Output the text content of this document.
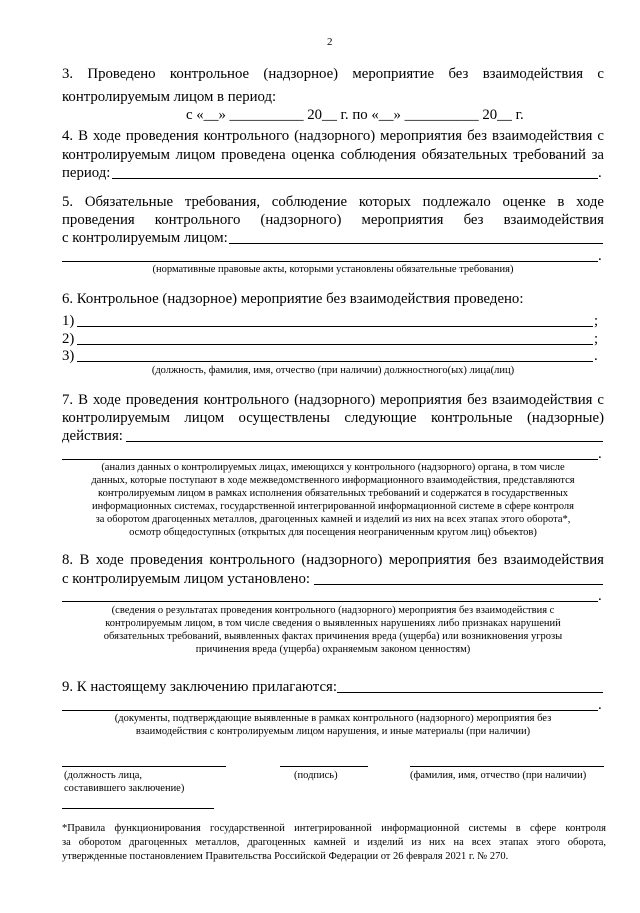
2
3. Проведено контрольное (надзорное) мероприятие без взаимодействия с
контролируемым лицом в период:
с «__» __________ 20__ г. по «__» __________ 20__ г.
4. В ходе проведения контрольного (надзорного) мероприятия без взаимодействия с
контролируемым лицом проведена оценка соблюдения обязательных требований за
период:	.
5. Обязательные требования, соблюдение которых подлежало оценке в ходе
проведения контрольного (надзорного) мероприятия без взаимодействия
с контролируемым лицом:
.
(нормативные правовые акты, которыми установлены обязательные требования)
6. Контрольное (надзорное) мероприятие без взаимодействия проведено:
1)	;
2)	;
3)	.
(должность, фамилия, имя, отчество (при наличии) должностного(ых) лица(лиц)
7. В ходе проведения контрольного (надзорного) мероприятия без взаимодействия с
контролируемым лицом осуществлены следующие контрольные (надзорные)
действия:
.
(анализ данных о контролируемых лицах, имеющихся у контрольного (надзорного) органа, в том числе
данных, которые поступают в ходе межведомственного информационного взаимодействия, представляются
контролируемым лицом в рамках исполнения обязательных требований и содержатся в государственных
информационных системах, государственной интегрированной информационной системе в сфере контроля
за оборотом драгоценных металлов, драгоценных камней и изделий из них на всех этапах этого оборота*,
осмотр общедоступных (открытых для посещения неограниченным кругом лиц) объектов)
8. В ходе проведения контрольного (надзорного) мероприятия без взаимодействия
с контролируемым лицом установлено:
.
(сведения о результатах проведения контрольного (надзорного) мероприятия без взаимодействия с
контролируемым лицом, в том числе сведения о выявленных нарушениях либо признаках нарушений
обязательных требований, выявленных фактах причинения вреда (ущерба) или возникновения угрозы
причинения вреда (ущерба) охраняемым законом ценностям)
9. К настоящему заключению прилагаются:
.
(документы, подтверждающие выявленные в рамках контрольного (надзорного) мероприятия без
взаимодействия с контролируемым лицом нарушения, и иные материалы (при наличии)
(должность лица,
составившего заключение)
(подпись)	(фамилия, имя, отчество (при наличии)
*Правила функционирования государственной интегрированной информационной системы в сфере контроля
за оборотом драгоценных металлов, драгоценных камней и изделий из них на всех этапах этого оборота,
утвержденные постановлением Правительства Российской Федерации от 26 февраля 2021 г. № 270.
